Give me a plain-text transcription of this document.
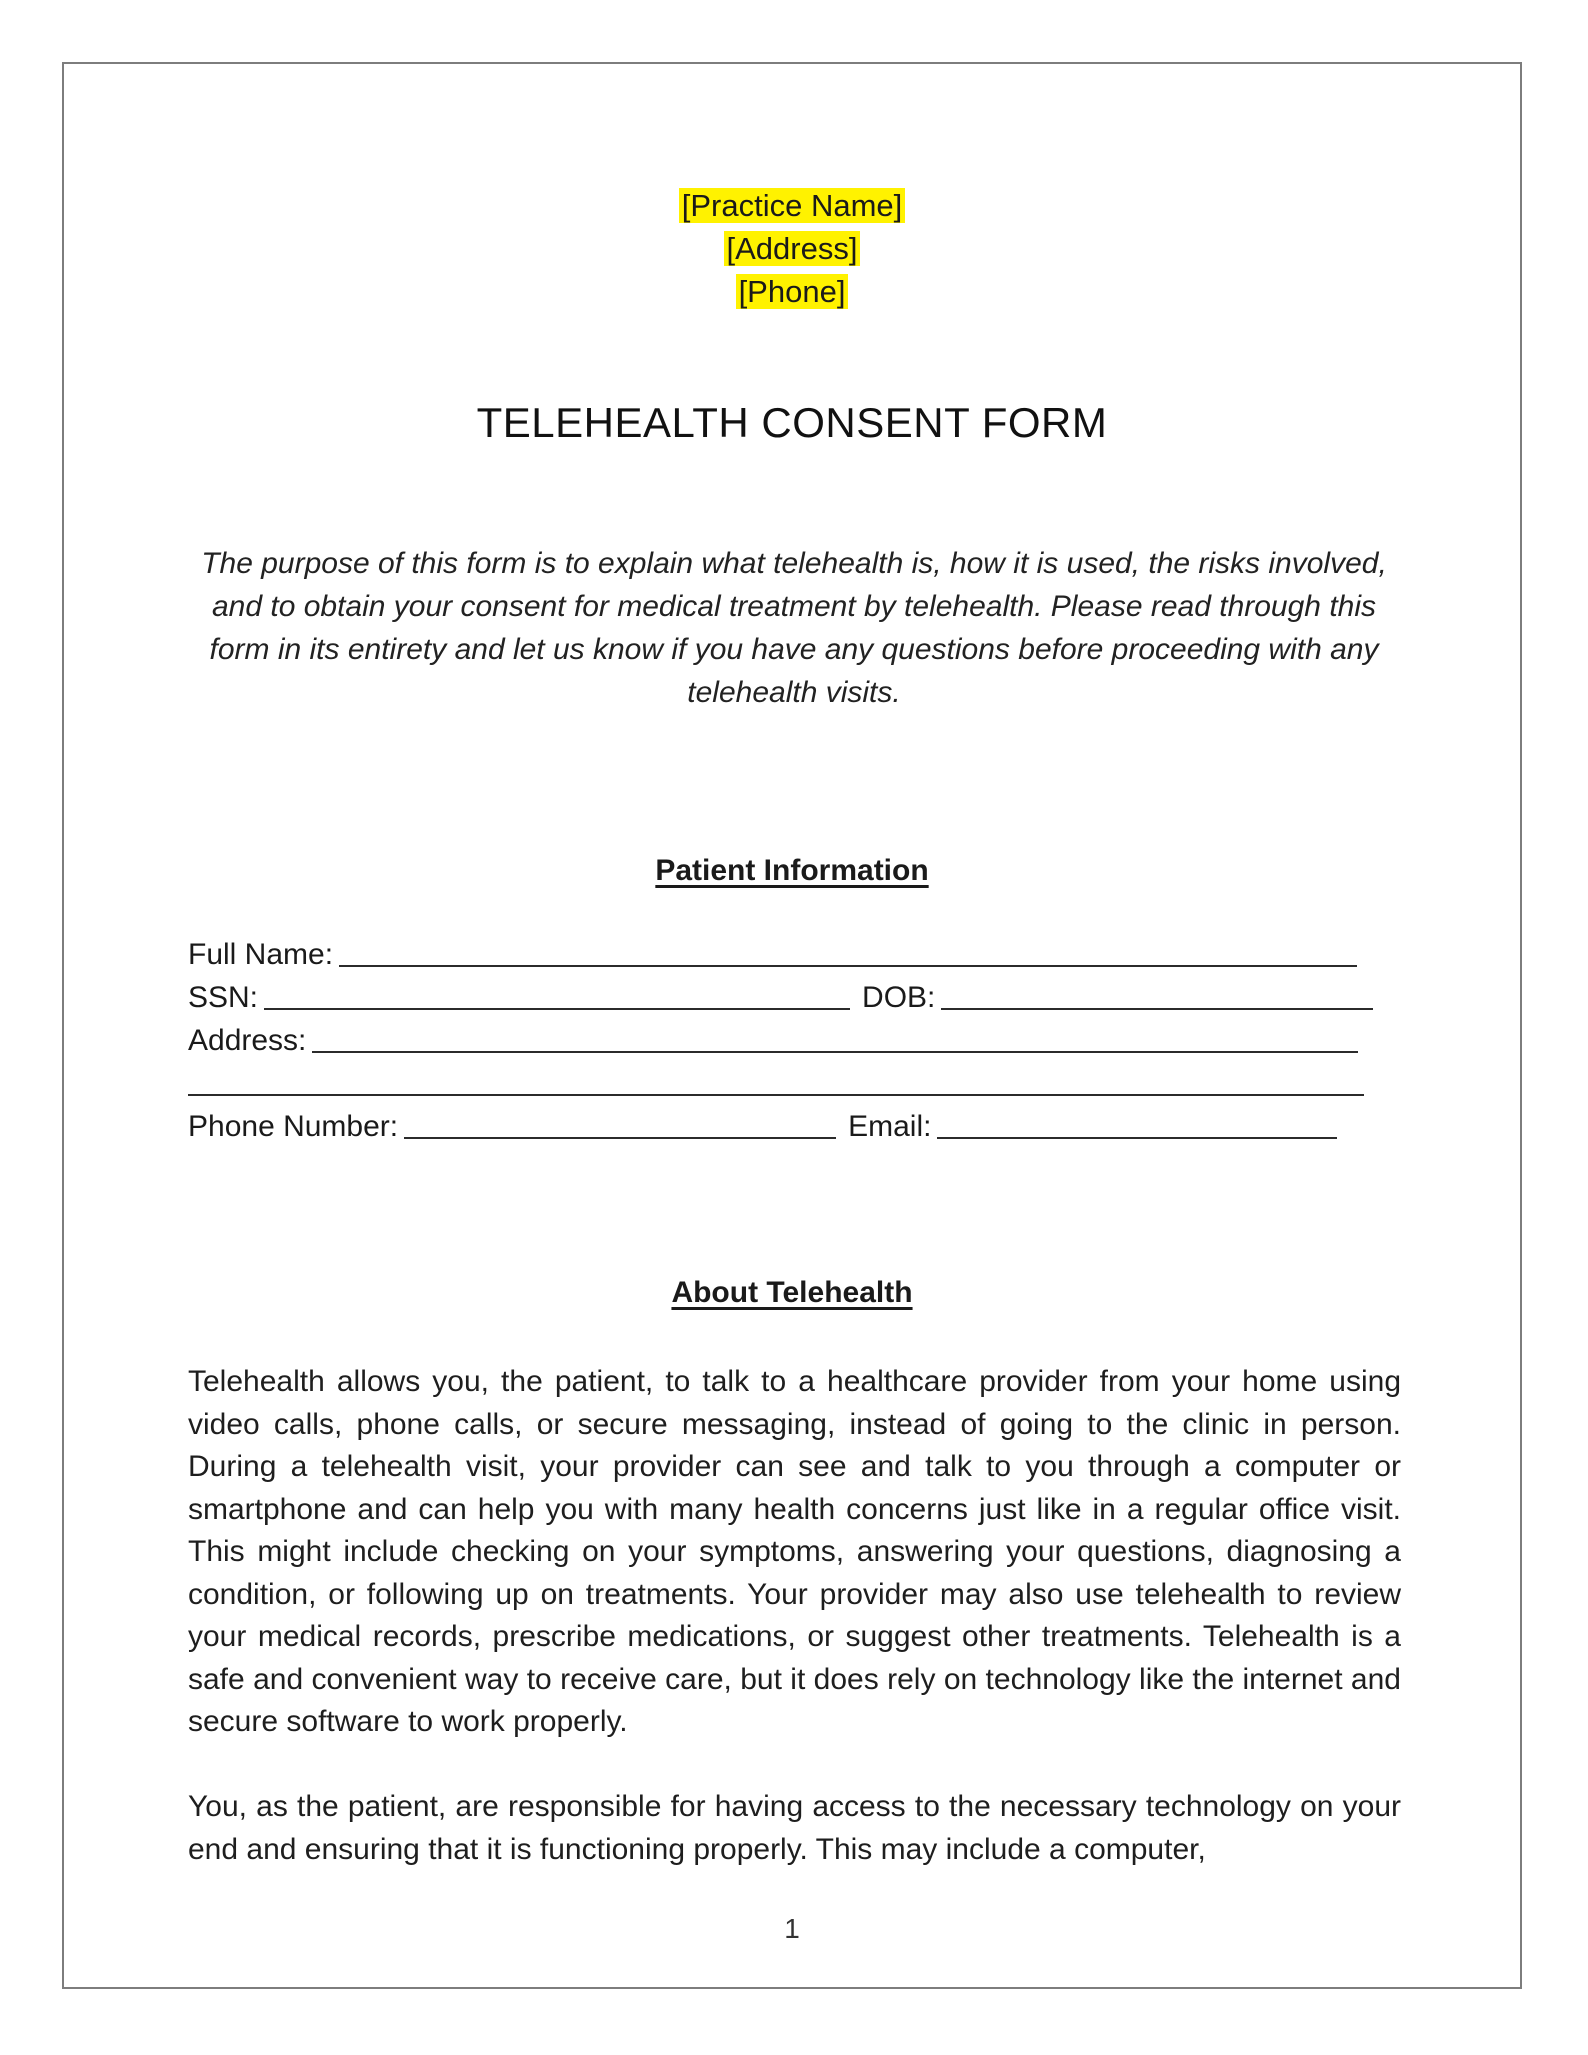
[Practice Name]
[Address]
[Phone]
TELEHEALTH CONSENT FORM
The purpose of this form is to explain what telehealth is, how it is used, the risks involved, and to obtain your consent for medical treatment by telehealth. Please read through this form in its entirety and let us know if you have any questions before proceeding with any telehealth visits.
Patient Information
Full Name:
SSN:	DOB:
Address:
Phone Number:	Email:
About Telehealth
Telehealth allows you, the patient, to talk to a healthcare provider from your home using video calls, phone calls, or secure messaging, instead of going to the clinic in person. During a telehealth visit, your provider can see and talk to you through a computer or smartphone and can help you with many health concerns just like in a regular office visit. This might include checking on your symptoms, answering your questions, diagnosing a condition, or following up on treatments. Your provider may also use telehealth to review your medical records, prescribe medications, or suggest other treatments. Telehealth is a safe and convenient way to receive care, but it does rely on technology like the internet and secure software to work properly.
You, as the patient, are responsible for having access to the necessary technology on your end and ensuring that it is functioning properly. This may include a computer,
1
